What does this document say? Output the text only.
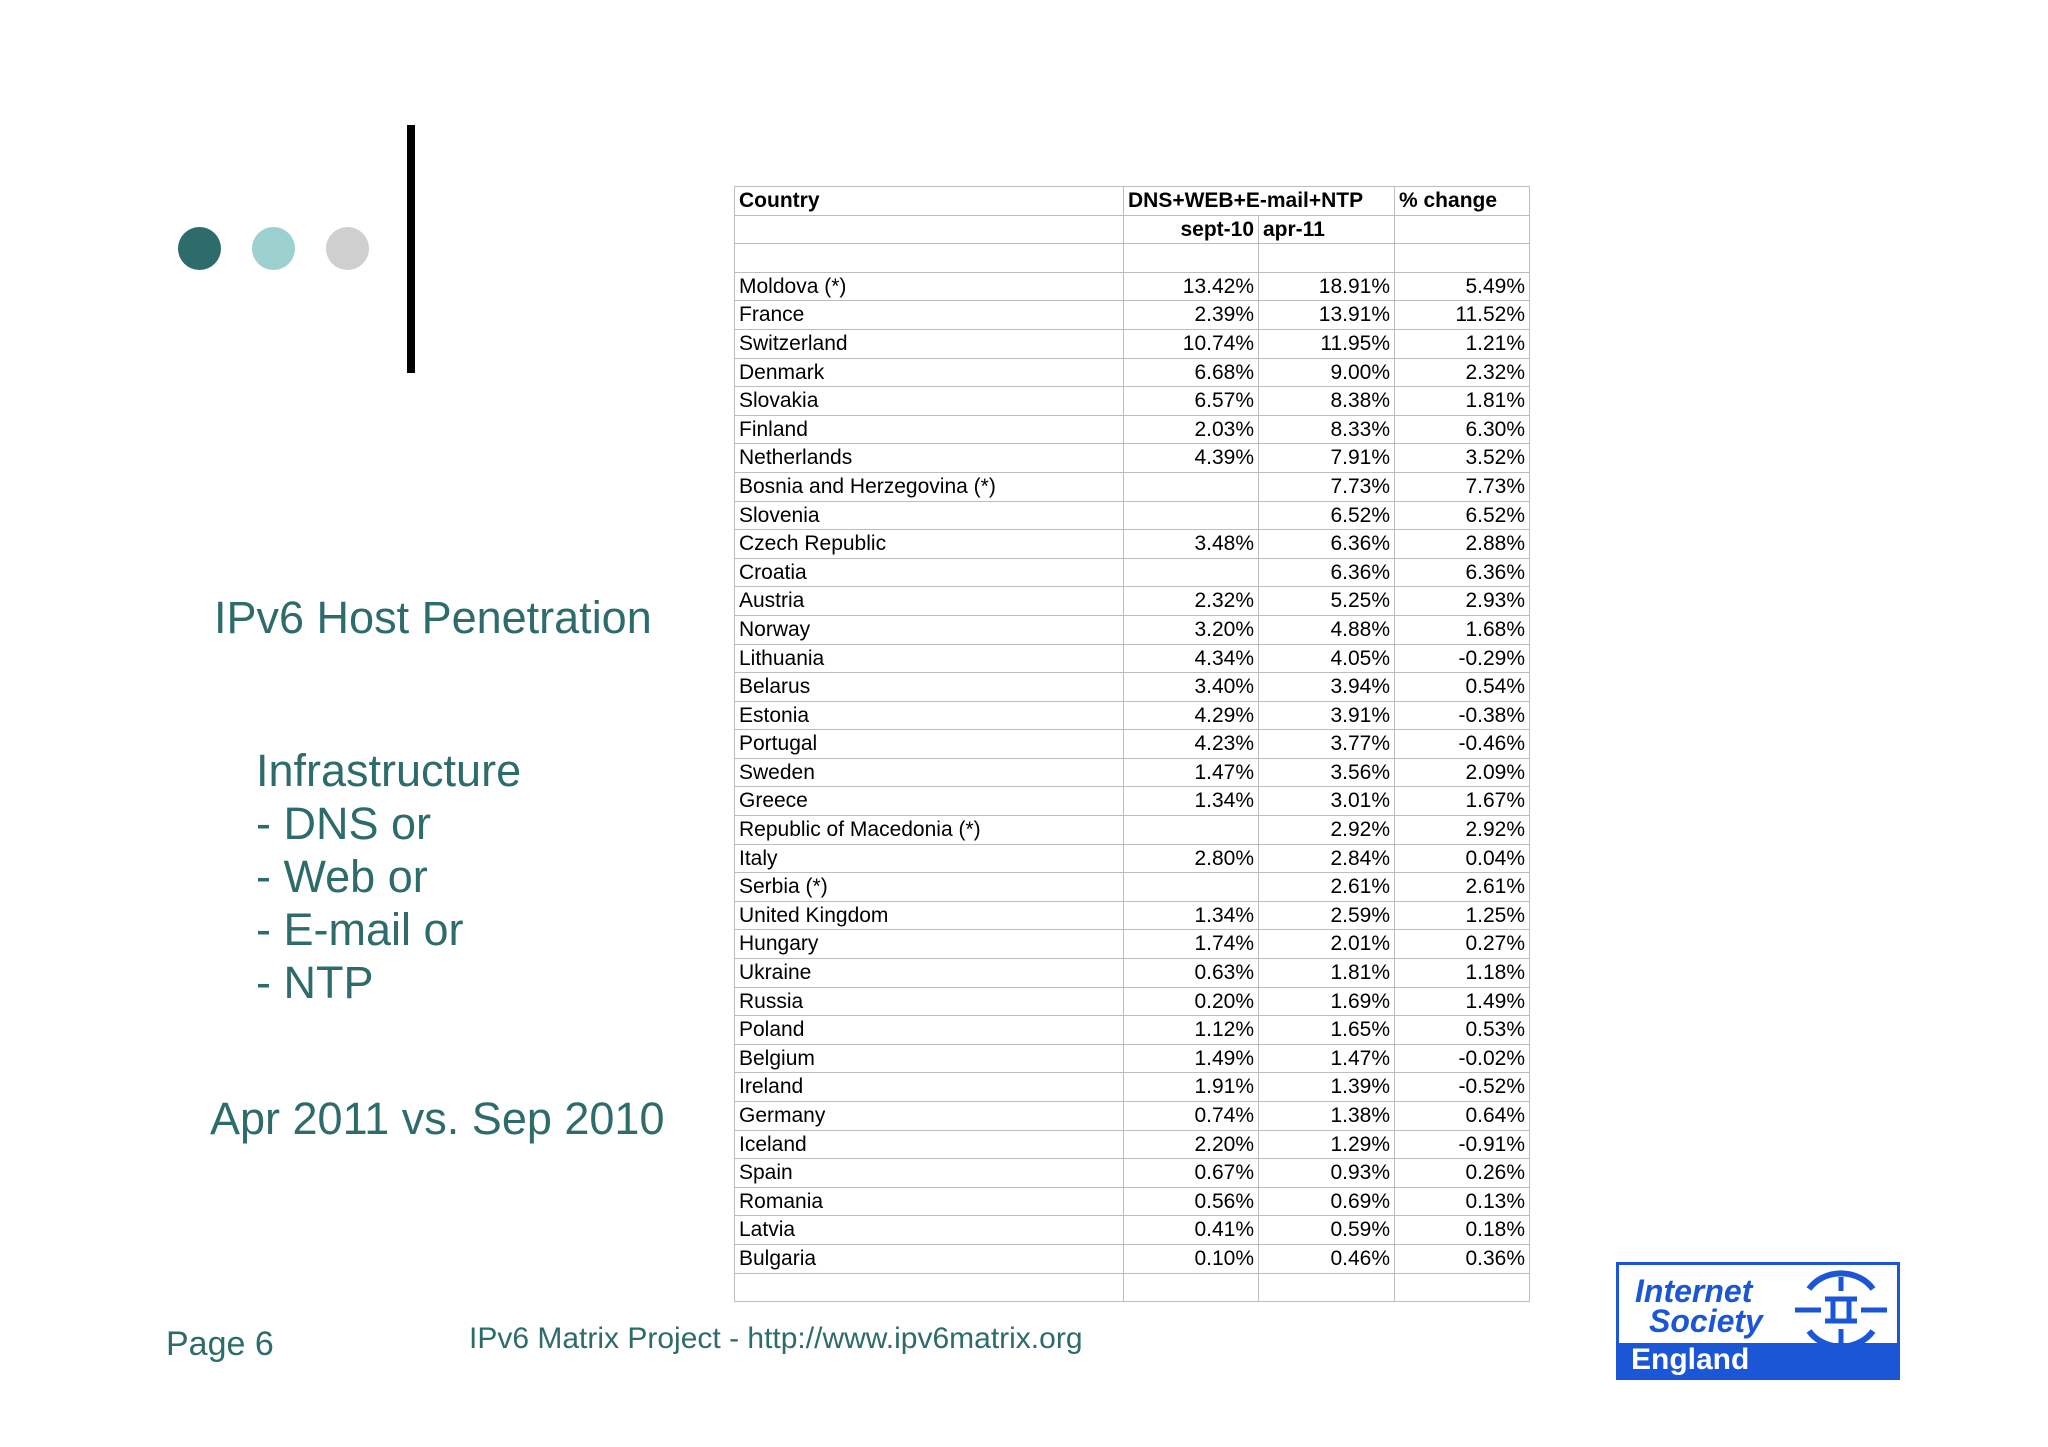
IPv6 Host Penetration
Infrastructure
- DNS or
- Web or
- E-mail or
- NTP
Apr 2011 vs. Sep 2010
Page 6	IPv6 Matrix Project - http://www.ipv6matrix.org
Country	DNS+WEB+E-mail+NTP		% change	
	sept-10	apr-11		

Moldova (*)	13.42%	18.91%	5.49%	
France	2.39%	13.91%	11.52%	
Switzerland	10.74%	11.95%	1.21%	
Denmark	6.68%	9.00%	2.32%	
Slovakia	6.57%	8.38%	1.81%	
Finland	2.03%	8.33%	6.30%	
Netherlands	4.39%	7.91%	3.52%	
Bosnia and Herzegovina (*)		7.73%	7.73%	
Slovenia		6.52%	6.52%	
Czech Republic	3.48%	6.36%	2.88%	
Croatia		6.36%	6.36%	
Austria	2.32%	5.25%	2.93%	
Norway	3.20%	4.88%	1.68%	
Lithuania	4.34%	4.05%	-0.29%	
Belarus	3.40%	3.94%	0.54%	
Estonia	4.29%	3.91%	-0.38%	
Portugal	4.23%	3.77%	-0.46%	
Sweden	1.47%	3.56%	2.09%	
Greece	1.34%	3.01%	1.67%	
Republic of Macedonia (*)		2.92%	2.92%	
Italy	2.80%	2.84%	0.04%	
Serbia (*)		2.61%	2.61%	
United Kingdom	1.34%	2.59%	1.25%	
Hungary	1.74%	2.01%	0.27%	
Ukraine	0.63%	1.81%	1.18%	
Russia	0.20%	1.69%	1.49%	
Poland	1.12%	1.65%	0.53%	
Belgium	1.49%	1.47%	-0.02%	
Ireland	1.91%	1.39%	-0.52%	
Germany	0.74%	1.38%	0.64%	
Iceland	2.20%	1.29%	-0.91%	
Spain	0.67%	0.93%	0.26%	
Romania	0.56%	0.69%	0.13%	
Latvia	0.41%	0.59%	0.18%	
Bulgaria	0.10%	0.46%	0.36%	

Internet
Society
England
